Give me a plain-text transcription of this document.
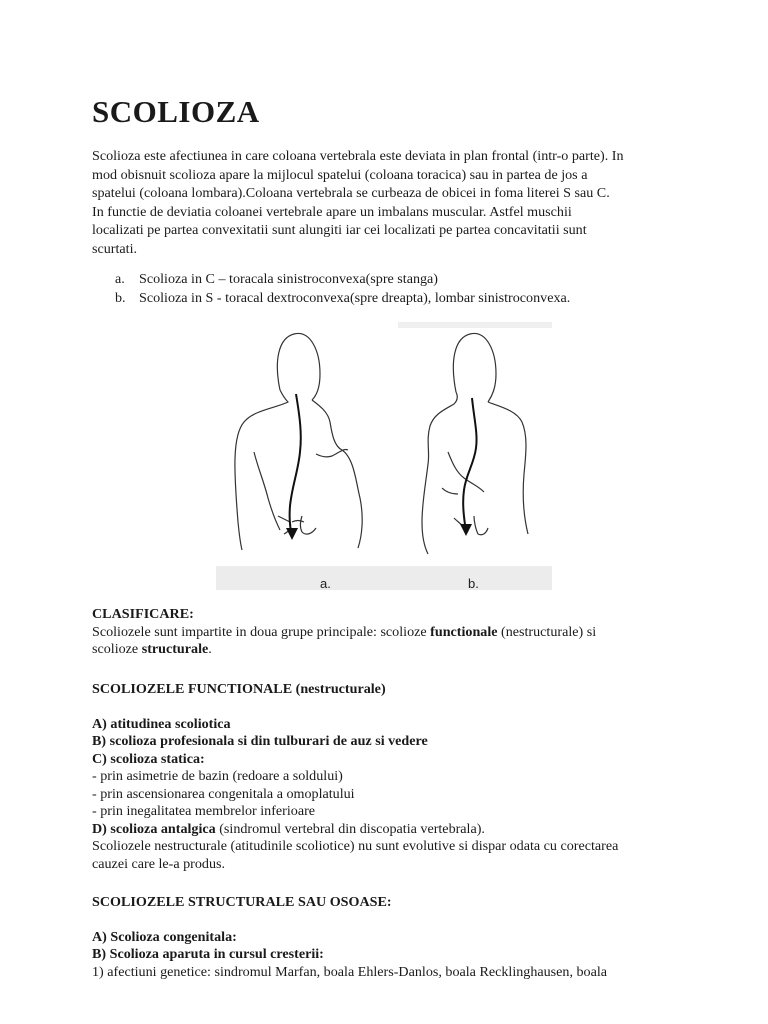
SCOLIOZA
Scolioza este afectiunea in care coloana vertebrala este deviata in plan frontal (intr-o parte). In
mod obisnuit scolioza apare la mijlocul spatelui (coloana toracica) sau in partea de jos a
spatelui (coloana lombara).Coloana vertebrala se curbeaza de obicei in foma literei S sau C.
In functie de deviatia coloanei vertebrale apare un imbalans muscular. Astfel muschii
localizati pe partea convexitatii sunt alungiti iar cei localizati pe partea concavitatii sunt
scurtati.
a.	Scolioza in C – toracala sinistroconvexa(spre stanga)
b. Scolioza in S - toracal dextroconvexa(spre dreapta), lombar sinistroconvexa.
a.	b.

CLASIFICARE:

Scoliozele sunt impartite in doua grupe principale: scolioze functionale (nestructurale) si

scolioze structurale.

SCOLIOZELE FUNCTIONALE (nestructurale)

A) atitudinea scoliotica

B) scolioza profesionala si din tulburari de auz si vedere

C) scolioza statica:

- prin asimetrie de bazin (redoare a soldului)

- prin ascensionarea congenitala a omoplatului

- prin inegalitatea membrelor inferioare

D) scolioza antalgica (sindromul vertebral din discopatia vertebrala).

Scoliozele nestructurale (atitudinile scoliotice) nu sunt evolutive si dispar odata cu corectarea

cauzei care le-a produs.

SCOLIOZELE STRUCTURALE SAU OSOASE:

A) Scolioza congenitala:

B) Scolioza aparuta in cursul cresterii:

1) afectiuni genetice: sindromul Marfan, boala Ehlers-Danlos, boala Recklinghausen, boala
